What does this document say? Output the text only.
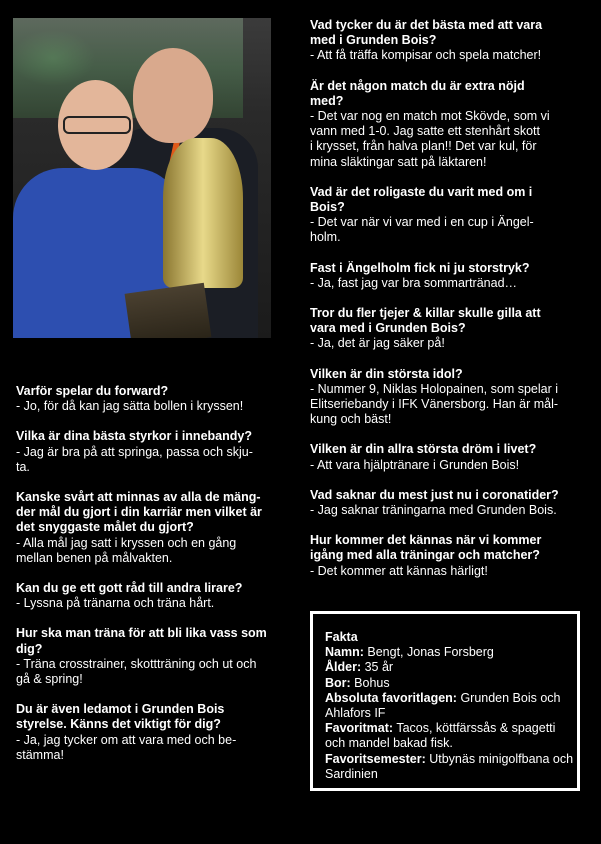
Varför spelar du forward?
- Jo, för då kan jag sätta bollen i kryssen!
Vilka är dina bästa styrkor i innebandy?
- Jag är bra på att springa, passa och skju-
ta.
Kanske svårt att minnas av alla de mäng-
der mål du gjort i din karriär men vilket är
det snyggaste målet du gjort?
- Alla mål jag satt i kryssen och en gång
mellan benen på målvakten.
Kan du ge ett gott råd till andra lirare?
- Lyssna på tränarna och träna hårt.
Hur ska man träna för att bli lika vass som
dig?
- Träna crosstrainer, skottträning och ut och
gå & spring!
Du är även ledamot i Grunden Bois
styrelse. Känns det viktigt för dig?
- Ja, jag tycker om att vara med och be-
stämma!
Vad tycker du är det bästa med att vara
med i Grunden Bois?
- Att få träffa kompisar och spela matcher!
Är det någon match du är extra nöjd
med?
- Det var nog en match mot Skövde, som vi
vann med 1-0. Jag satte ett stenhårt skott
i krysset, från halva plan!! Det var kul, för
mina släktingar satt på läktaren!
Vad är det roligaste du varit med om i
Bois?
- Det var när vi var med i en cup i Ängel-
holm.
Fast i Ängelholm fick ni ju storstryk?
- Ja, fast jag var bra sommartränad…
Tror du fler tjejer & killar skulle gilla att
vara med i Grunden Bois?
- Ja, det är jag säker på!
Vilken är din största idol?
- Nummer 9, Niklas Holopainen, som spelar i
Elitseriebandy i IFK Vänersborg. Han är mål-
kung och bäst!
Vilken är din allra största dröm i livet?
- Att vara hjälptränare i Grunden Bois!
Vad saknar du mest just nu i coronatider?
- Jag saknar träningarna med Grunden Bois.
Hur kommer det kännas när vi kommer
igång med alla träningar och matcher?
- Det kommer att kännas härligt!
Fakta
Namn: Bengt, Jonas Forsberg
Ålder: 35 år
Bor: Bohus
Absoluta favoritlagen: Grunden Bois och Ahlafors IF
Favoritmat: Tacos, köttfärssås & spagetti och mandel bakad fisk.
Favoritsemester: Utbynäs minigolfbana och Sardinien
